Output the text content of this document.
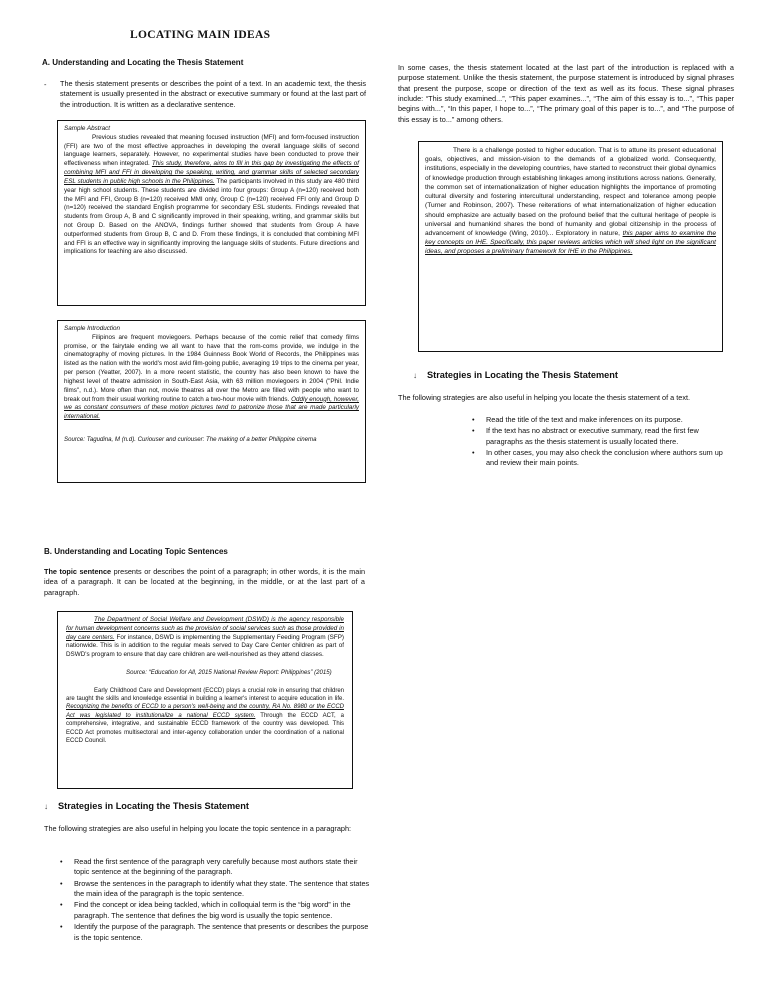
LOCATING MAIN IDEAS
A. Understanding and Locating the Thesis Statement
- The thesis statement presents or describes the point of a text. In an academic text, the thesis statement is usually presented in the abstract or executive summary or found at the last part of the introduction. It is written as a declarative sentence.
Sample Abstract
Previous studies revealed that meaning focused instruction (MFI) and form-focused instruction (FFI) are two of the most effective approaches in developing the overall language skills of second language learners, separately. However, no experimental studies have been conducted to prove their effectiveness when integrated. This study, therefore, aims to fill in this gap by investigating the effects of combining MFI and FFI in developing the speaking, writing, and grammar skills of selected secondary ESL students in public high schools in the Philippines. The participants involved in this study are 480 third year high school students. These students are divided into four groups: Group A (n=120) received both the MFI and FFI, Group B (n=120) received MMI only, Group C (n=120) received FFI only and Group D (n=120) received the standard English programme for secondary ESL students. Findings revealed that students from Group A, B and C significantly improved in their speaking, writing, and grammar skills but not Group D. Based on the ANOVA, findings further showed that students from Group A have outperformed students from Group B, C and D. From these findings, it is concluded that combining MFI and FFI is an effective way in significantly improving the language skills of students. Future directions and implications for teaching are also discussed.
Sample Introduction
Filipinos are frequent moviegoers. Perhaps because of the comic relief that comedy films promise, or the fairytale ending we all want to have that the rom-coms provide, we indulge in the cinematography of moving pictures. In the 1984 Guinness Book World of Records, the Philippines was listed as the nation with the world's most avid film-going public, averaging 19 trips to the cinema per year, per person (Yeatter, 2007). In a more recent statistic, the country has also been known to have the highest level of theatre admission in South-East Asia, with 63 million moviegoers in 2004 ("Phil. Indie films", n.d.). More often than not, movie theatres all over the Metro are filled with people who want to break out from their usual working routine to catch a two-hour movie with friends. Oddly enough, however, we as constant consumers of these motion pictures tend to patronize those that are made particularly international.
Source: Tagudina, M (n.d). Curiouser and curiouser: The making of a better Philippine cinema
In some cases, the thesis statement located at the last part of the introduction is replaced with a purpose statement. Unlike the thesis statement, the purpose statement is introduced by signal phrases that present the purpose, scope or direction of the text as well as its focus. These signal phrases include: “This study examined...”, “This paper examines...”, “The aim of this essay is to...”, “This paper begins with...”, “In this paper, I hope to...”, “The primary goal of this paper is to...”, and “The purpose of this essay is to...” among others.
There is a challenge posted to higher education. That is to attune its present educational goals, objectives, and mission-vision to the demands of a globalized world. Consequently, institutions, especially in the developing countries, have started to reconstruct their global dynamics of knowledge production through establishing linkages among institutions across nations. Generally, the common set of internationalization of higher education highlights the importance of promoting cultural diversity and fostering intercultural understanding, respect and tolerance among people (Turner and Robinson, 2007). These reiterations of what internationalization of higher education should emphasize are actually based on the profound belief that the cultural heritage of people is universal and humankind shares the bond of humanity and global citizenship in the process of advancement of knowledge (Wing, 2010)... Exploratory in nature, this paper aims to examine the key concepts on IHE. Specifically, this paper reviews articles which will shed light on the significant ideas, and proposes a preliminary framework for IHE in the Philippines.
↓ Strategies in Locating the Thesis Statement
The following strategies are also useful in helping you locate the thesis statement of a text.
• Read the title of the text and make inferences on its purpose.
• If the text has no abstract or executive summary, read the first few paragraphs as the thesis statement is usually located there.
• In other cases, you may also check the conclusion where authors sum up and review their main points.
B. Understanding and Locating Topic Sentences
The topic sentence presents or describes the point of a paragraph; in other words, it is the main idea of a paragraph. It can be located at the beginning, in the middle, or at the last part of a paragraph.
The Department of Social Welfare and Development (DSWD) is the agency responsible for human development concerns such as the provision of social services such as those provided in day care centers. For instance, DSWD is implementing the Supplementary Feeding Program (SFP) nationwide. This is in addition to the regular meals served to Day Care Center children as part of DSWD's program to ensure that day care children are well-nourished as they attend classes.
Source: “Education for All, 2015 National Review Report: Philippines” (2015)
Early Childhood Care and Development (ECCD) plays a crucial role in ensuring that children are taught the skills and knowledge essential in building a learner's interest to acquire education in life. Recognizing the benefits of ECCD to a person's well-being and the country, RA No. 8980 or the ECCD Act was legislated to institutionalize a national ECCD system. Through the ECCD ACT, a comprehensive, integrative, and sustainable ECCD framework of the country was developed. This ECCD Act promotes multisectoral and inter-agency collaboration under the coordination of a national ECCD Council.
↓ Strategies in Locating the Thesis Statement
The following strategies are also useful in helping you locate the topic sentence in a paragraph:
• Read the first sentence of the paragraph very carefully because most authors state their topic sentence at the beginning of the paragraph.
• Browse the sentences in the paragraph to identify what they state. The sentence that states the main idea of the paragraph is the topic sentence.
• Find the concept or idea being tackled, which in colloquial term is the “big word” in the paragraph. The sentence that defines the big word is usually the topic sentence.
• Identify the purpose of the paragraph. The sentence that presents or describes the purpose is the topic sentence.
